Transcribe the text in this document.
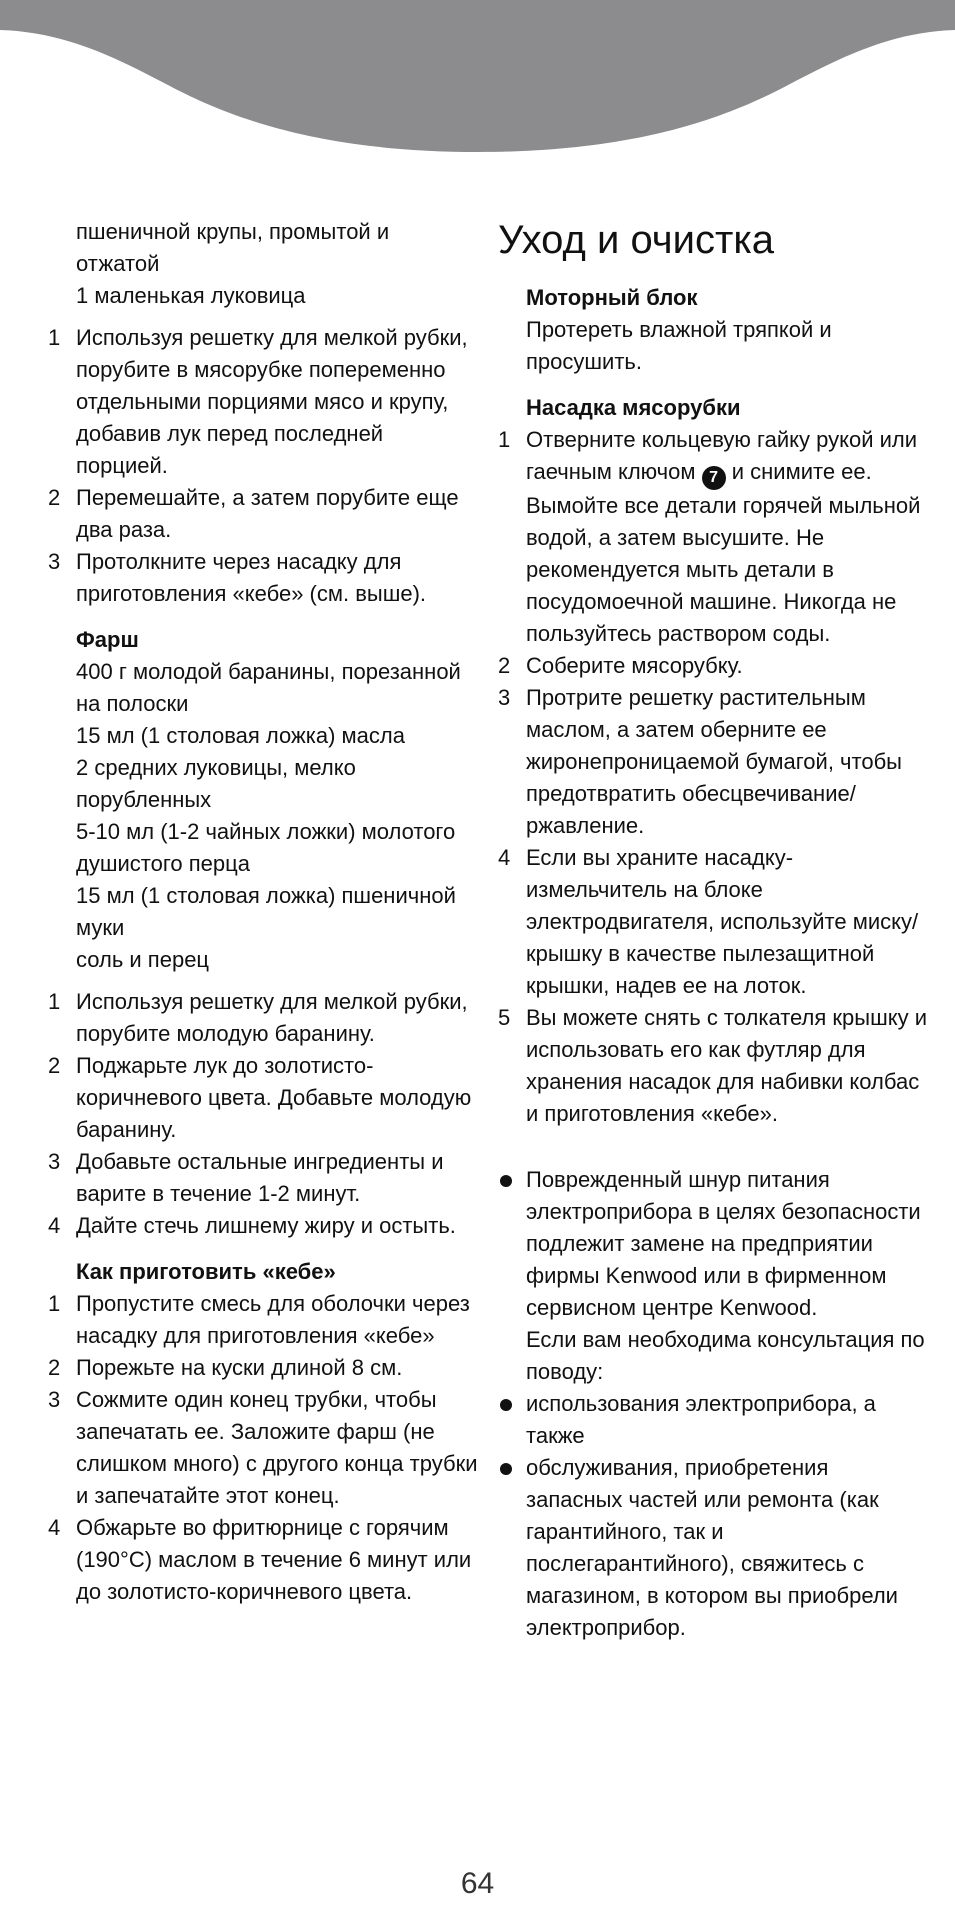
пшеничной крупы, промытой и отжатой

1 маленькая луковица

1 Используя решетку для мелкой рубки, порубите в мясорубке попеременно отдельными порциями мясо и крупу, добавив лук перед последней порцией.
2 Перемешайте, а затем порубите еще два раза.
3 Протолкните через насадку для приготовления «кебе» (см. выше).

Фарш

400 г молодой баранины, порезанной на полоски

15 мл (1 столовая ложка) масла

2 средних луковицы, мелко порубленных

5-10 мл (1-2 чайных ложки) молотого душистого перца

15 мл (1 столовая ложка) пшеничной муки

соль и перец

1 Используя решетку для мелкой рубки, порубите молодую баранину.
2 Поджарьте лук до золотисто-коричневого цвета. Добавьте молодую баранину.
3 Добавьте остальные ингредиенты и варите в течение 1-2 минут.
4 Дайте стечь лишнему жиру и остыть.

Как приготовить «кебе»

1 Пропустите смесь для оболочки через насадку для приготовления «кебе»
2 Порежьте на куски длиной 8 см.
3 Сожмите один конец трубки, чтобы запечатать ее. Заложите фарш (не слишком много) с другого конца трубки и запечатайте этот конец.
4 Обжарьте во фритюрнице с горячим (190°C) маслом в течение 6 минут или до золотисто-коричневого цвета.
Уход и очистка

Моторный блок

Протереть влажной тряпкой и просушить.

Насадка мясорубки

1 Отверните кольцевую гайку рукой или гаечным ключом 7 и снимите ее. Вымойте все детали горячей мыльной водой, а затем высушите. Не рекомендуется мыть детали в посудомоечной машине. Никогда не пользуйтесь раствором соды.
2 Соберите мясорубку.
3 Протрите решетку растительным маслом, а затем оберните ее жиронепроницаемой бумагой, чтобы предотвратить обесцвечивание/ржавление.
4 Если вы храните насадку-измельчитель на блоке электродвигателя, используйте миску/крышку в качестве пылезащитной крышки, надев ее на лоток.
5 Вы можете снять с толкателя крышку и использовать его как футляр для хранения насадок для набивки колбас и приготовления «кебе».
Поврежденный шнур питания электроприбора в целях безопасности подлежит замене на предприятии фирмы Kenwood или в фирменном сервисном центре Kenwood.
Если вам необходима консультация по поводу:
использования электроприбора, а также
обслуживания, приобретения запасных частей или ремонта (как гарантийного, так и послегарантийного), свяжитесь с магазином, в котором вы приобрели электроприбор.
64
